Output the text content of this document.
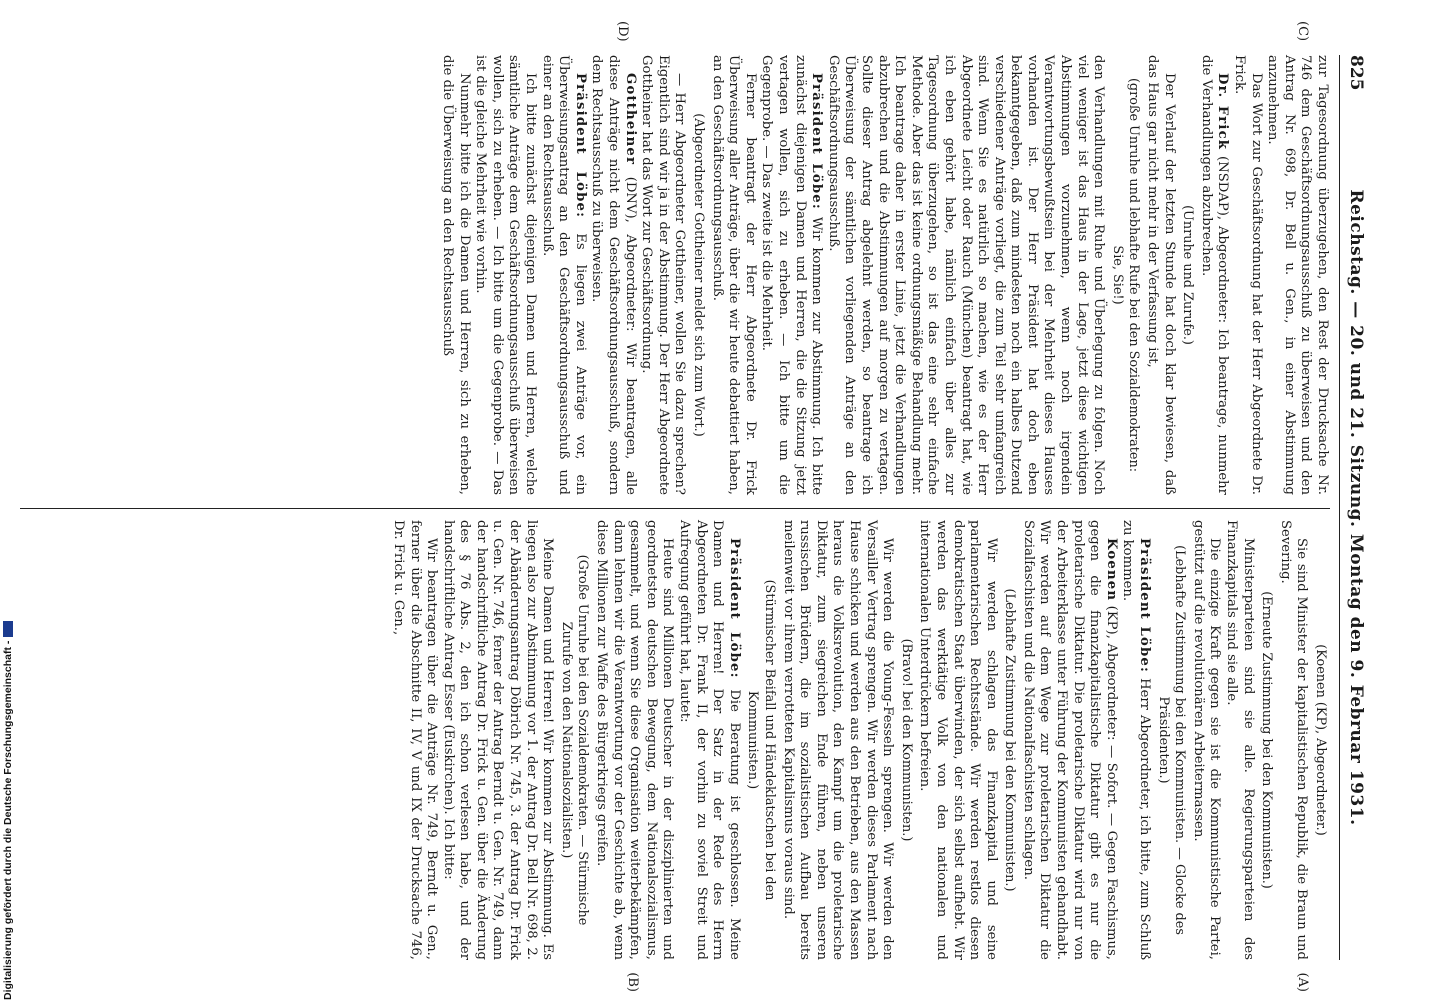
Digitalisierung gefördert durch die Deutsche Forschungsgemeinschaft -
825
Reichstag. — 20. und 21. Sitzung. Montag den 9. Februar 1931.

(Koenen (KP), Abgeordneter.)

Sie sind Minister der kapitalistischen Republik, die Braun und Severing.

(Erneute Zustimmung bei den Kommunisten.)

Ministerparteien sind sie alle. Regierungsparteien des Finanzkapitals sind sie alle.

Die einzige Kraft gegen sie ist die Kommunistische Partei, gestützt auf die revolutionären Arbeitermassen.

(Lebhafte Zustimmung bei den Kommunisten. — Glocke des Präsidenten.)

Präsident Löbe: Herr Abgeordneter, ich bitte, zum Schluß zu kommen.

Koenen (KP), Abgeordneter: — Sofort. — Gegen Faschismus, gegen die finanzkapitalistische Diktatur gibt es nur die proletarische Diktatur. Die proletarische Diktatur wird nur von der Arbeiterklasse unter Führung der Kommunisten gehandhabt. Wir werden auf dem Wege zur proletarischen Diktatur die Sozialfaschisten und die Nationalfaschisten schlagen.

(Lebhafte Zustimmung bei den Kommunisten.)

Wir werden schlagen das Finanzkapital und seine parlamentarischen Rechtsstände. Wir werden restlos diesen demokratischen Staat überwinden, der sich selbst aufhebt. Wir werden das werktätige Volk von den nationalen und internationalen Unterdrückern befreien.

(Bravo! bei den Kommunisten.)

Wir werden die Young-Fesseln sprengen. Wir werden den Versailler Vertrag sprengen. Wir werden dieses Parlament nach Hause schicken und werden aus den Betrieben, aus den Massen heraus die Volksrevolution, den Kampf um die proletarische Diktatur, zum siegreichen Ende führen, neben unseren russischen Brüdern, die im sozialistischen Aufbau bereits meilenweit vor ihrem verrotteten Kapitalismus voraus sind.

(Stürmischer Beifall und Händeklatschen bei den Kommunisten.)

Präsident Löbe: Die Beratung ist geschlossen. Meine Damen und Herren! Der Satz in der Rede des Herrn Abgeordneten Dr. Frank II, der vorhin zu soviel Streit und Aufregung geführt hat, lautet:

Heute sind Millionen Deutscher in der disziplinierten und geordnetsten deutschen Bewegung, dem Nationalsozialismus, gesammelt, und wenn Sie diese Organisation weiterbekämpfen, dann lehnen wir die Verantwortung vor der Geschichte ab, wenn diese Millionen zur Waffe des Bürgerkriegs greifen.

(Große Unruhe bei den Sozialdemokraten. — Stürmische Zurufe von den Nationalsozialisten.)

Meine Damen und Herren! Wir kommen zur Abstimmung. Es liegen also zur Abstimmung vor 1. der Antrag Dr. Bell Nr. 698, 2. der Abänderungsantrag Döbrich Nr. 745, 3. der Antrag Dr. Frick u. Gen. Nr. 746, ferner der Antrag Berndt u. Gen. Nr. 749, dann der handschriftliche Antrag Dr. Frick u. Gen. über die Änderung des § 76 Abs. 2, den ich schon verlesen habe, und der handschriftliche Antrag Esser (Euskirchen). Ich bitte:

Wir beantragen über die Anträge Nr. 749, Berndt u. Gen., ferner über die Abschnitte II, IV, V und IX der Drucksache 746, Dr. Frick u. Gen.,

zur Tagesordnung überzugehen, den Rest der Drucksache Nr. 746 dem Geschäftsordnungsausschuß zu überweisen und den Antrag Nr. 698, Dr. Bell u. Gen., in einer Abstimmung anzunehmen.

Das Wort zur Geschäftsordnung hat der Herr Abgeordnete Dr. Frick.

Dr. Frick (NSDAP), Abgeordneter: Ich beantrage, nunmehr die Verhandlungen abzubrechen.

(Unruhe und Zurufe.)

Der Verlauf der letzten Stunde hat doch klar bewiesen, daß das Haus gar nicht mehr in der Verfassung ist,

(große Unruhe und lebhafte Rufe bei den Sozialdemokraten: Sie, Sie!)

den Verhandlungen mit Ruhe und Überlegung zu folgen. Noch viel weniger ist das Haus in der Lage, jetzt diese wichtigen Abstimmungen vorzunehmen, wenn noch irgendein Verantwortungsbewußtsein bei der Mehrheit dieses Hauses vorhanden ist. Der Herr Präsident hat doch eben bekanntgegeben, daß zum mindesten noch ein halbes Dutzend verschiedener Anträge vorliegt, die zum Teil sehr umfangreich sind. Wenn Sie es natürlich so machen, wie es der Herr Abgeordnete Leicht oder Rauch (München) beantragt hat, wie ich eben gehört habe, nämlich einfach über alles zur Tagesordnung überzugehen, so ist das eine sehr einfache Methode. Aber das ist keine ordnungsmäßige Behandlung mehr. Ich beantrage daher in erster Linie, jetzt die Verhandlungen abzubrechen und die Abstimmungen auf morgen zu vertagen. Sollte dieser Antrag abgelehnt werden, so beantrage ich Überweisung der sämtlichen vorliegenden Anträge an den Geschäftsordnungsausschuß.

Präsident Löbe: Wir kommen zur Abstimmung. Ich bitte zunächst diejenigen Damen und Herren, die die Sitzung jetzt vertagen wollen, sich zu erheben. — Ich bitte um die Gegenprobe. — Das zweite ist die Mehrheit.

Ferner beantragt der Herr Abgeordnete Dr. Frick Überweisung aller Anträge, über die wir heute debattiert haben, an den Geschäftsordnungsausschuß.

(Abgeordneter Gottheiner meldet sich zum Wort.)

— Herr Abgeordneter Gottheiner, wollen Sie dazu sprechen? Eigentlich sind wir ja in der Abstimmung. Der Herr Abgeordnete Gottheiner hat das Wort zur Geschäftsordnung.

Gottheiner (DNV), Abgeordneter: Wir beantragen, alle diese Anträge nicht dem Geschäftsordnungsausschuß, sondern dem Rechtsausschuß zu überweisen.

Präsident Löbe: Es liegen zwei Anträge vor, ein Überweisungsantrag an den Geschäftsordnungsausschuß und einer an den Rechtsausschuß.

Ich bitte zunächst diejenigen Damen und Herren, welche sämtliche Anträge dem Geschäftsordnungsausschuß überweisen wollen, sich zu erheben. — Ich bitte um die Gegenprobe. — Das ist die gleiche Mehrheit wie vorhin.

Nunmehr bitte ich die Damen und Herren, sich zu erheben, die die Überweisung an den Rechtsausschuß

(A)
(B)
(C)
(D)
